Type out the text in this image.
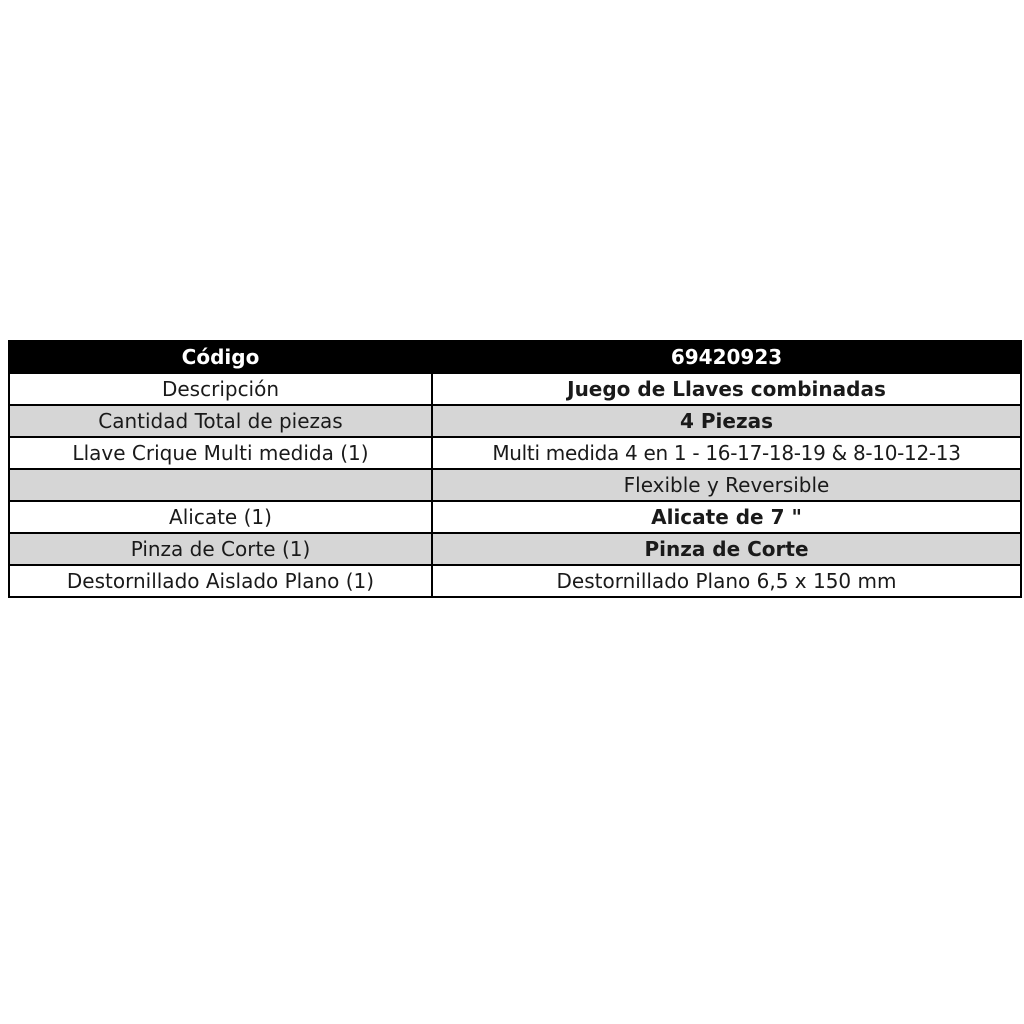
Código	69420923
Descripción	Juego de Llaves combinadas
Cantidad Total de piezas	4 Piezas
Llave Crique Multi medida (1)	Multi medida 4 en 1 - 16-17-18-19 & 8-10-12-13
	Flexible y Reversible
Alicate (1)	Alicate de 7 "
Pinza de Corte (1)	Pinza de Corte
Destornillado Aislado Plano (1)	Destornillado Plano 6,5 x 150 mm
